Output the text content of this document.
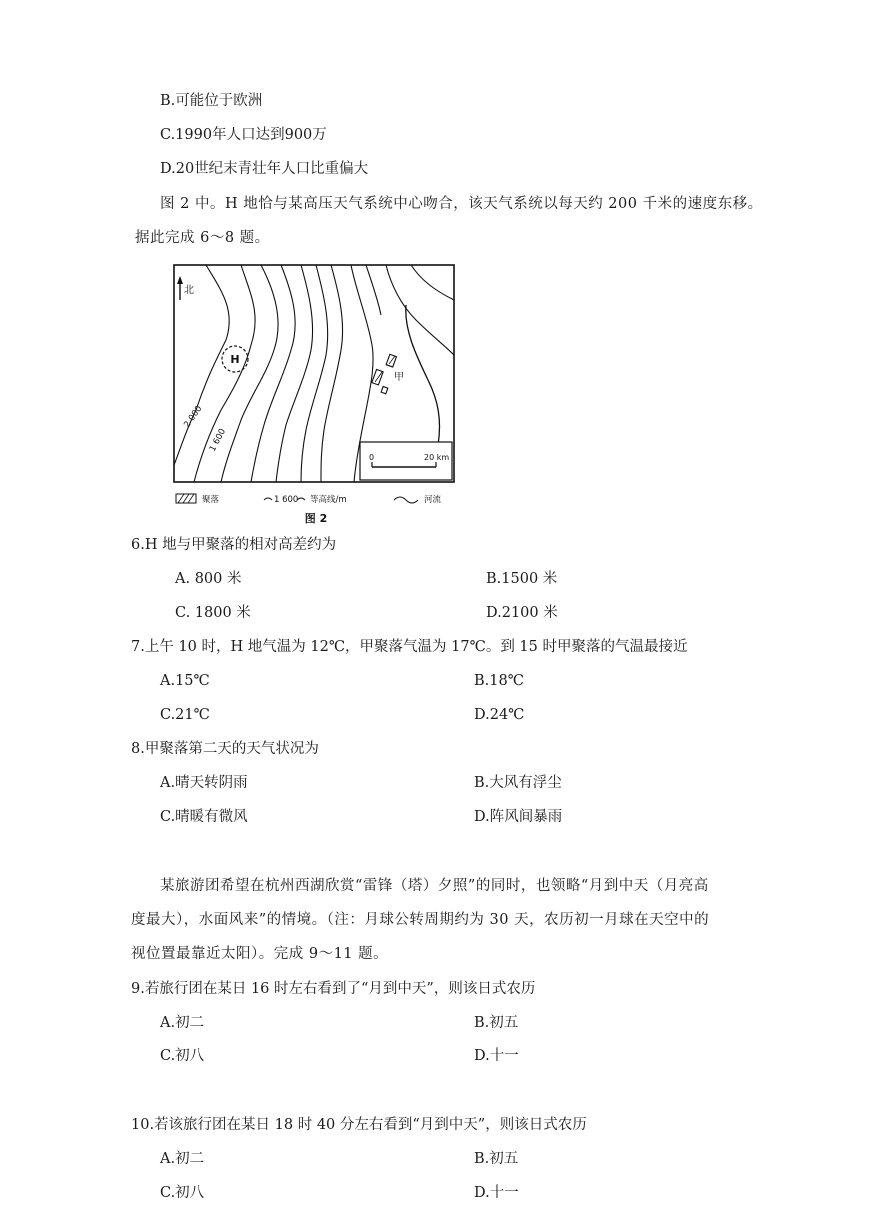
B.可能位于欧洲
C.1990年人口达到900万
D.20世纪末青壮年人口比重偏大
图 2 中。H 地恰与某高压天气系统中心吻合，该天气系统以每天约 200 千米的速度东移。
据此完成 6～8 题。
北
H
甲
2 000
1 600
0	20 km
聚落	1 600 等高线/m	河流
图 2
6.H 地与甲聚落的相对高差约为
A. 800 米	B.1500 米
C. 1800 米	D.2100 米
7.上午 10 时，H 地气温为 12℃，甲聚落气温为 17℃。到 15 时甲聚落的气温最接近
A.15℃	B.18℃
C.21℃	D.24℃
8.甲聚落第二天的天气状况为
A.晴天转阴雨	B.大风有浮尘
C.晴暖有微风	D.阵风间暴雨
某旅游团希望在杭州西湖欣赏“雷锋（塔）夕照”的同时，也领略“月到中天（月亮高
度最大），水面风来”的情境。（注：月球公转周期约为 30 天，农历初一月球在天空中的
视位置最靠近太阳）。完成 9～11 题。
9.若旅行团在某日 16 时左右看到了“月到中天”，则该日式农历
A.初二	B.初五
C.初八	D.十一
10.若该旅行团在某日 18 时 40 分左右看到“月到中天”，则该日式农历
A.初二	B.初五
C.初八	D.十一
